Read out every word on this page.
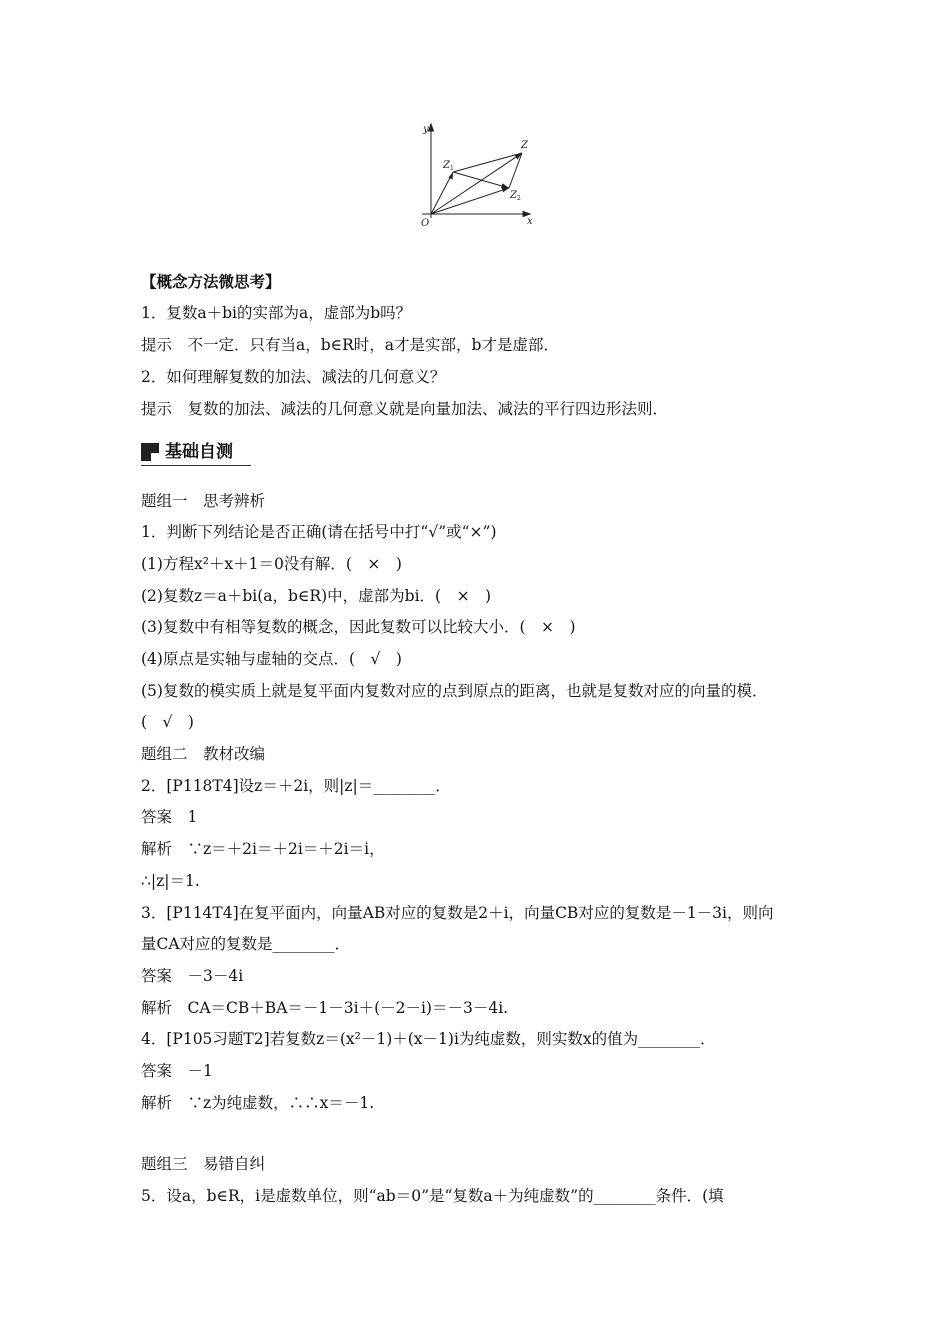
y
x
O
Z
Z 1
Z 2
【概念方法微思考】
1．复数a＋bi的实部为a，虚部为b吗？
提示　不一定．只有当a，b∈R时，a才是实部，b才是虚部．
2．如何理解复数的加法、减法的几何意义？
提示　复数的加法、减法的几何意义就是向量加法、减法的平行四边形法则．
基础自测
题组一　思考辨析
1．判断下列结论是否正确(请在括号中打“√”或“×”)
(1)方程x²＋x＋1＝0没有解．(　×　)
(2)复数z＝a＋bi(a，b∈R)中，虚部为bi．(　×　)
(3)复数中有相等复数的概念，因此复数可以比较大小．(　×　)
(4)原点是实轴与虚轴的交点．(　√　)
(5)复数的模实质上就是复平面内复数对应的点到原点的距离，也就是复数对应的向量的模．
(　√　)
题组二　教材改编
2．[P118T4]设z＝＋2i，则|z|＝________．
答案　1
解析　∵z＝＋2i＝＋2i＝＋2i＝i，
∴|z|＝1.
3．[P114T4]在复平面内，向量AB对应的复数是2＋i，向量CB对应的复数是－1－3i，则向
量CA对应的复数是________．
答案　－3－4i
解析　CA＝CB＋BA＝－1－3i＋(－2－i)＝－3－4i.
4．[P105习题T2]若复数z＝(x²－1)＋(x－1)i为纯虚数，则实数x的值为________．
答案　－1
解析　∵z为纯虚数，∴∴x＝－1.
题组三　易错自纠
5．设a，b∈R，i是虚数单位，则“ab＝0”是“复数a＋为纯虚数”的________条件．(填
